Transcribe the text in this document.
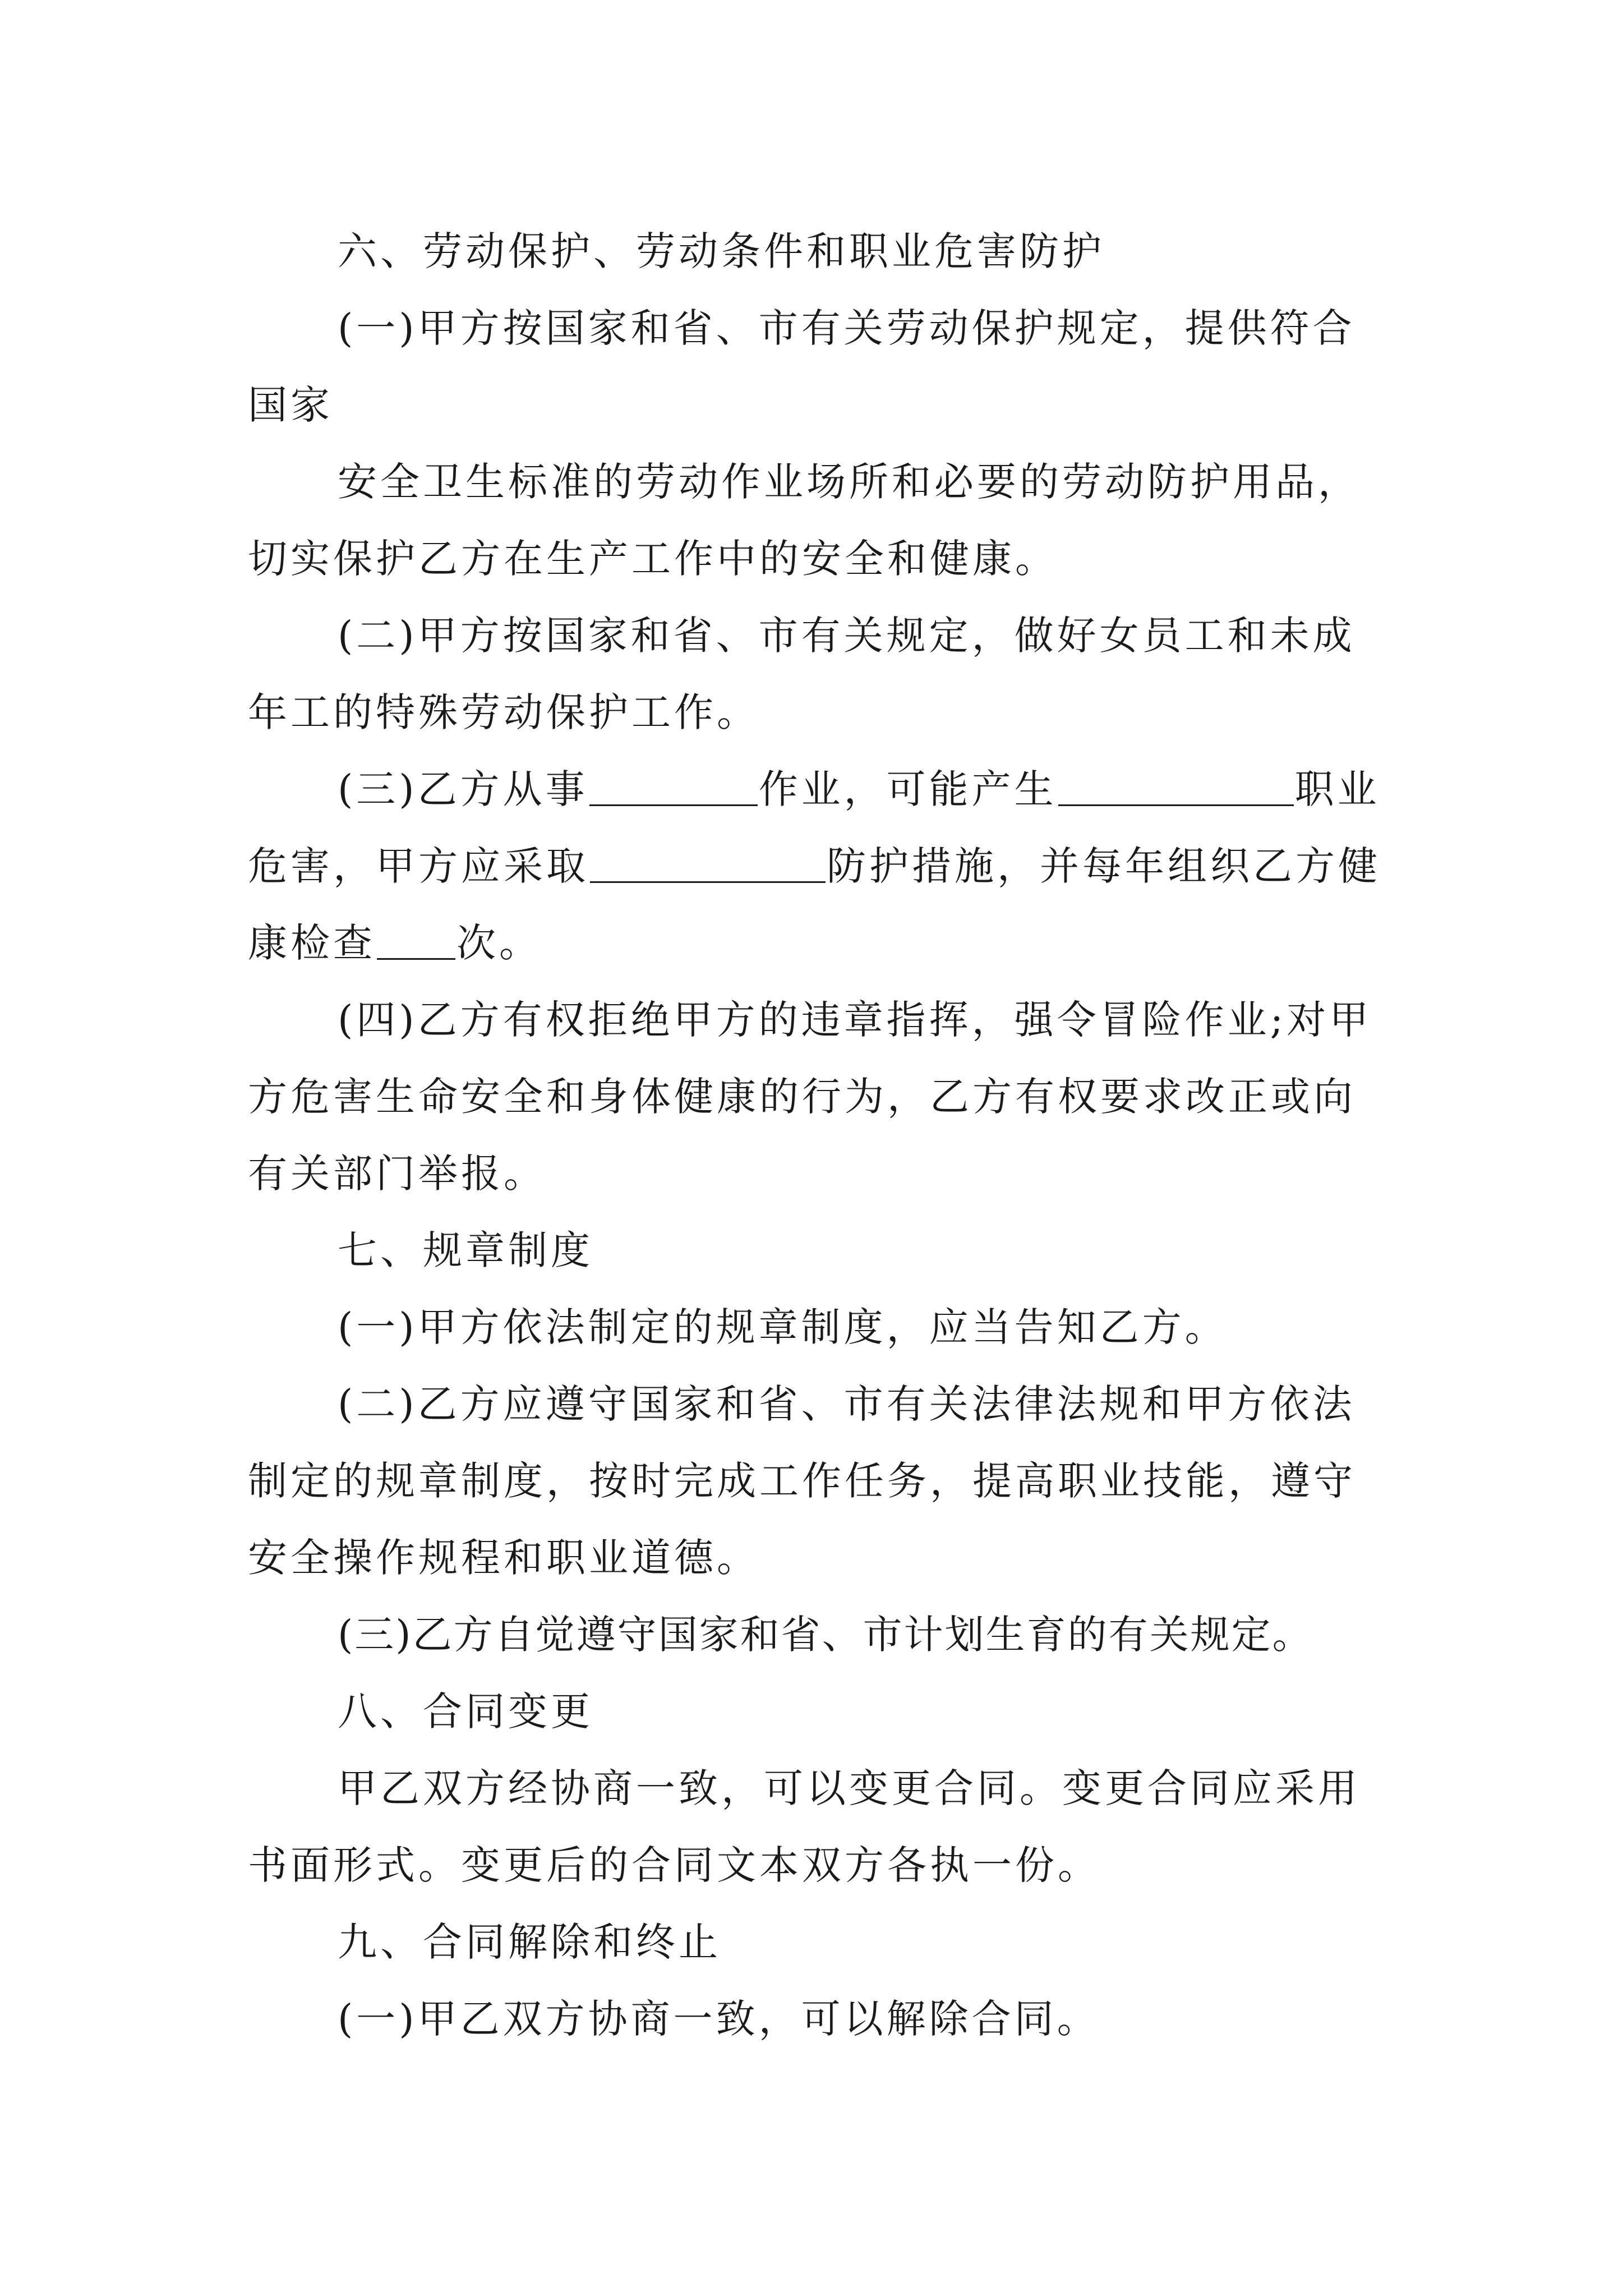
六、劳动保护、劳动条件和职业危害防护

(一)甲方按国家和省、市有关劳动保护规定，提供符合

国家

安全卫生标准的劳动作业场所和必要的劳动防护用品，切实保护乙方在生产工作中的安全和健康。

(二)甲方按国家和省、市有关规定，做好女员工和未成年工的特殊劳动保护工作。

(三)乙方从事	作业，可能产生	职业危害，甲方应采取	防护措施，并每年组织乙方健康检查 次。

(四)乙方有权拒绝甲方的违章指挥，强令冒险作业;对甲方危害生命安全和身体健康的行为，乙方有权要求改正或向有关部门举报。

七、规章制度

(一)甲方依法制定的规章制度，应当告知乙方。

(二)乙方应遵守国家和省、市有关法律法规和甲方依法制定的规章制度，按时完成工作任务，提高职业技能，遵守安全操作规程和职业道德。

(三)乙方自觉遵守国家和省、市计划生育的有关规定。

八、合同变更

甲乙双方经协商一致，可以变更合同。变更合同应采用书面形式。变更后的合同文本双方各执一份。

九、合同解除和终止

(一)甲乙双方协商一致，可以解除合同。
